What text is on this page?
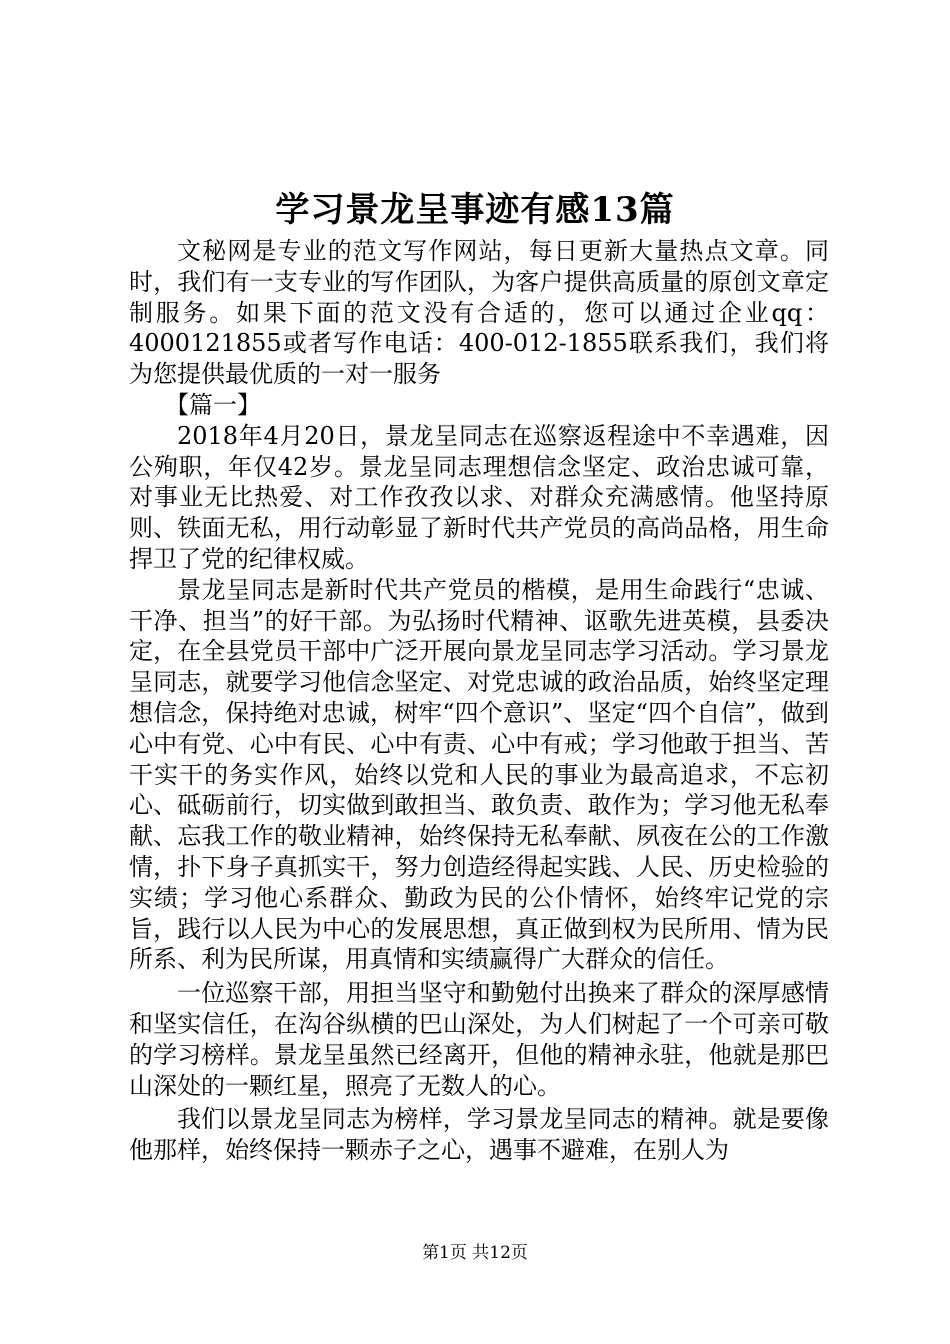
学习景龙呈事迹有感13篇

文秘网是专业的范文写作网站，每日更新大量热点文章。同时，我们有一支专业的写作团队，为客户提供高质量的原创文章定制服务。如果下面的范文没有合适的，您可以通过企业qq：4000121855或者写作电话：400-012-1855联系我们，我们将为您提供最优质的一对一服务

【篇一】

2018年4月20日，景龙呈同志在巡察返程途中不幸遇难，因公殉职，年仅42岁。景龙呈同志理想信念坚定、政治忠诚可靠，对事业无比热爱、对工作孜孜以求、对群众充满感情。他坚持原则、铁面无私，用行动彰显了新时代共产党员的高尚品格，用生命捍卫了党的纪律权威。

景龙呈同志是新时代共产党员的楷模，是用生命践行“忠诚、干净、担当”的好干部。为弘扬时代精神、讴歌先进英模，县委决定，在全县党员干部中广泛开展向景龙呈同志学习活动。学习景龙呈同志，就要学习他信念坚定、对党忠诚的政治品质，始终坚定理想信念，保持绝对忠诚，树牢“四个意识”、坚定“四个自信”，做到心中有党、心中有民、心中有责、心中有戒；学习他敢于担当、苦干实干的务实作风，始终以党和人民的事业为最高追求，不忘初心、砥砺前行，切实做到敢担当、敢负责、敢作为；学习他无私奉献、忘我工作的敬业精神，始终保持无私奉献、夙夜在公的工作激情，扑下身子真抓实干，努力创造经得起实践、人民、历史检验的实绩；学习他心系群众、勤政为民的公仆情怀，始终牢记党的宗旨，践行以人民为中心的发展思想，真正做到权为民所用、情为民所系、利为民所谋，用真情和实绩赢得广大群众的信任。

一位巡察干部，用担当坚守和勤勉付出换来了群众的深厚感情和坚实信任，在沟谷纵横的巴山深处，为人们树起了一个可亲可敬的学习榜样。景龙呈虽然已经离开，但他的精神永驻，他就是那巴山深处的一颗红星，照亮了无数人的心。

我们以景龙呈同志为榜样，学习景龙呈同志的精神。就是要像他那样，始终保持一颗赤子之心，遇事不避难，在别人为

第1页 共12页
